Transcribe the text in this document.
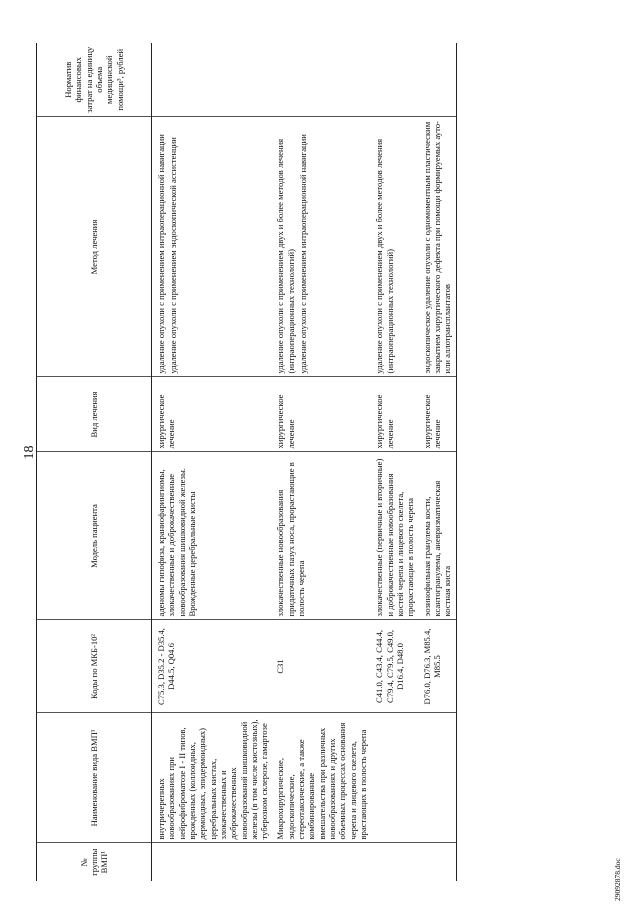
18
№ группы ВМП¹	Наименование вида ВМП¹	Коды по МКБ-10²	Модель пациента	Вид лечения	Метод лечения	Норматив финансовых затрат на единицу объема медицинской помощи³, рублей
	внутричерепных новообразованиях при нейрофиброматозе I - II типов, врожденных (коллоидных, дермоидных, эпидермоидных) церебральных кистах, злокачественных и доброкачественных новообразований шишковидной железы (в том числе кистозных), туберозном склерозе, гамартозе	C75.3, D35.2 - D35.4, D44.5, Q04.6	аденомы гипофиза, краниофарингиомы, злокачественные и доброкачественные новообразования шишковидной железы. Врожденные церебральные кисты	хирургическое лечение	удаление опухоли с применением интраоперационной навигации удаление опухоли с применением эндоскопической ассистенции	

	Микрохирургические, эндоскопические, стереотаксические, а также комбинированные вмешательства при различных новообразованиях и других объемных процессах основания черепа и лицевого скелета, врастающих в полость черепа	C31	злокачественные новообразования придаточных пазух носа, прорастающие в полость черепа	хирургическое лечение	удаление опухоли с применением двух и более методов лечения (интраоперационных технологий) удаление опухоли с применением интраоперационной навигации	

		C41.0, C43.4, C44.4, C79.4, C79.5, C49.0, D16.4, D48.0	злокачественные (первичные и вторичные) и доброкачественные новообразования костей черепа и лицевого скелета, прорастающие в полость черепа	хирургическое лечение	удаление опухоли с применением двух и более методов лечения (интраоперационных технологий)	

		D76.0, D76.3, M85.4, M85.5	эозинофильная гранулема кости, ксантогранулема, аневризматическая костная киста	хирургическое лечение	эндоскопическое удаление опухоли с одномоментным пластическим закрытием хирургического дефекта при помощи формируемых ауто- или аллотрансплантатов	

29092878.doc
